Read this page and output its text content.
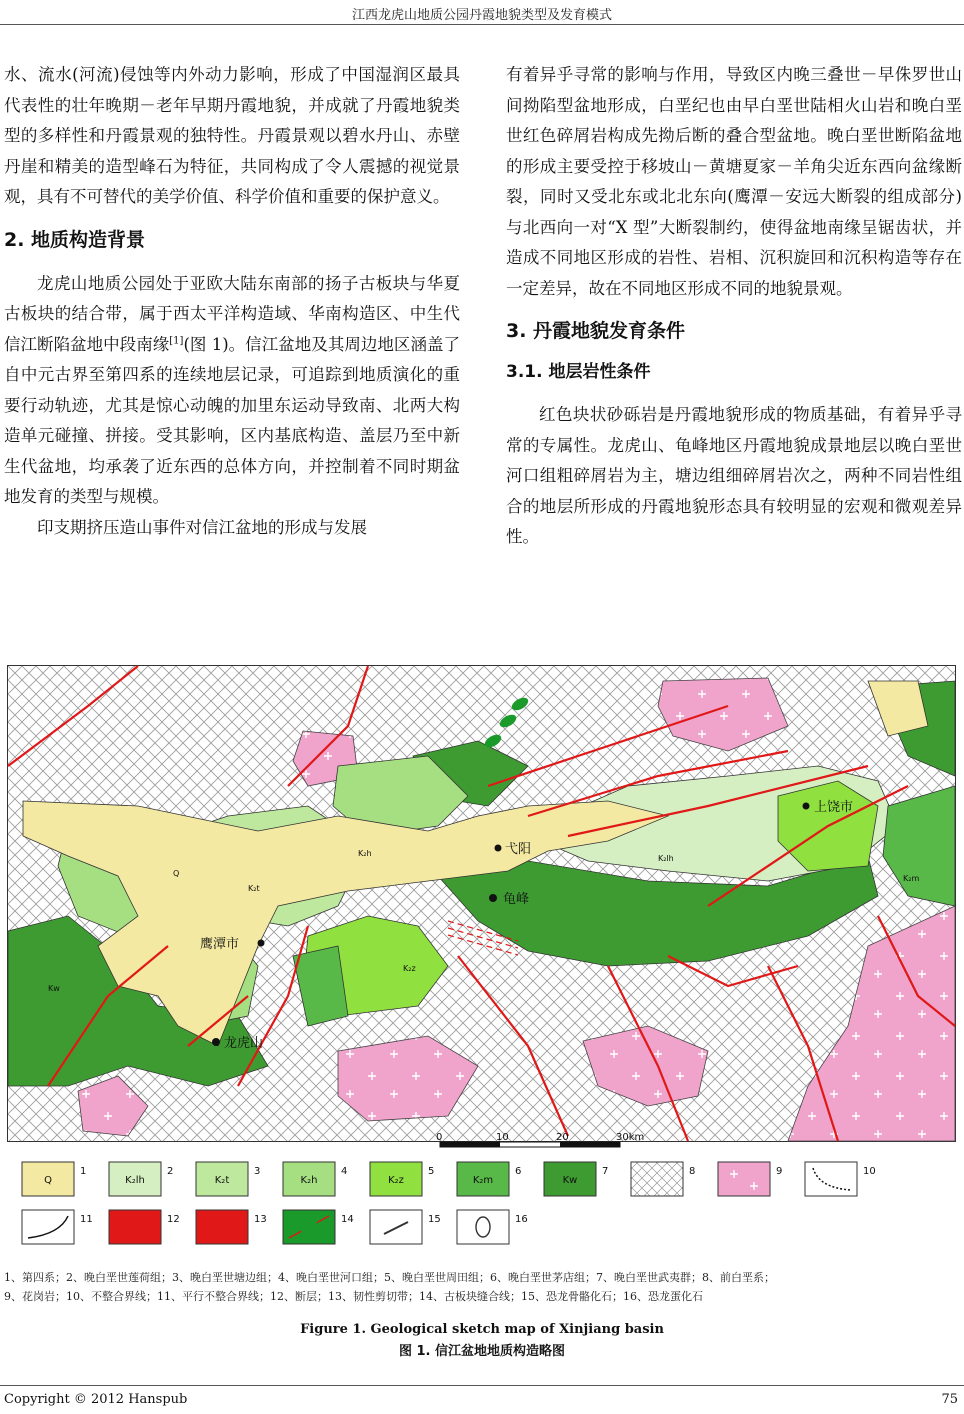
江西龙虎山地质公园丹霞地貌类型及发育模式

水、流水(河流)侵蚀等内外动力影响，形成了中国湿润区最具代表性的壮年晚期－老年早期丹霞地貌，并成就了丹霞地貌类型的多样性和丹霞景观的独特性。丹霞景观以碧水丹山、赤壁丹崖和精美的造型峰石为特征，共同构成了令人震撼的视觉景观，具有不可替代的美学价值、科学价值和重要的保护意义。

2. 地质构造背景

龙虎山地质公园处于亚欧大陆东南部的扬子古板块与华夏古板块的结合带，属于西太平洋构造域、华南构造区、中生代信江断陷盆地中段南缘[1](图 1)。信江盆地及其周边地区涵盖了自中元古界至第四系的连续地层记录，可追踪到地质演化的重要行动轨迹，尤其是惊心动魄的加里东运动导致南、北两大构造单元碰撞、拼接。受其影响，区内基底构造、盖层乃至中新生代盆地，均承袭了近东西的总体方向，并控制着不同时期盆地发育的类型与规模。

印支期挤压造山事件对信江盆地的形成与发展

有着异乎寻常的影响与作用，导致区内晚三叠世－早侏罗世山间拗陷型盆地形成，白垩纪也由早白垩世陆相火山岩和晚白垩世红色碎屑岩构成先拗后断的叠合型盆地。晚白垩世断陷盆地的形成主要受控于移坡山－黄塘夏家－羊角尖近东西向盆缘断裂，同时又受北东或北北东向(鹰潭－安远大断裂的组成部分)与北西向一对“X 型”大断裂制约，使得盆地南缘呈锯齿状，并造成不同地区形成的岩性、岩相、沉积旋回和沉积构造等存在一定差异，故在不同地区形成不同的地貌景观。

3. 丹霞地貌发育条件
3.1. 地层岩性条件

红色块状砂砾岩是丹霞地貌形成的物质基础，有着异乎寻常的专属性。龙虎山、龟峰地区丹霞地貌成景地层以晚白垩世河口组粗碎屑岩为主，塘边组细碎屑岩次之，两种不同岩性组合的地层所形成的丹霞地貌形态具有较明显的宏观和微观差异性。

Q
K₂lh
K₂t
K₂h
K₂z
K₂m
Kw
上饶市
弋阳
龟峰
鹰潭市
龙虎山
0	10	20	30km
Q
1
K₂lh
2
K₂t
3
K₂h
4
K₂z
5
K₂m
6
Kw
7	8	9	10
11	12	13	14	15	16
1、第四系；2、晚白垩世莲荷组；3、晚白垩世塘边组；4、晚白垩世河口组；5、晚白垩世周田组；6、晚白垩世茅店组；7、晚白垩世武夷群；8、前白垩系；
9、花岗岩；10、不整合界线；11、平行不整合界线；12、断层；13、韧性剪切带；14、古板块缝合线；15、恐龙骨骼化石；16、恐龙蛋化石
Figure 1. Geological sketch map of Xinjiang basin
图 1. 信江盆地地质构造略图
Copyright © 2012 Hanspub	75
